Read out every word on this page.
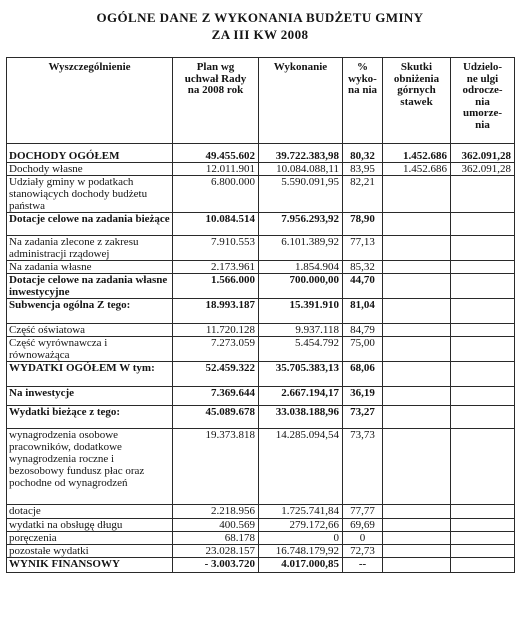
OGÓLNE DANE Z WYKONANIA BUDŻETU GMINY
ZA III KW 2008
Wyszczególnienie	Plan wg uchwał Rady na 2008 rok	Wykonanie	% wyko- na nia	Skutki obniżenia górnych stawek	Udzielo- ne ulgi odrocze- nia umorze- nia

DOCHODY OGÓŁEM	49.455.602	39.722.383,98	80,32	1.452.686	362.091,28
Dochody własne	12.011.901	10.084.088,11	83,95	1.452.686	362.091,28
Udziały gminy w podatkach stanowiących dochody budżetu państwa	6.800.000	5.590.091,95	82,21		
Dotacje celowe na zadania bieżące	10.084.514	7.956.293,92	78,90		
Na zadania zlecone z zakresu administracji rządowej	7.910.553	6.101.389,92	77,13		
Na zadania własne	2.173.961	1.854.904	85,32		
Dotacje celowe na zadania własne inwestycyjne	1.566.000	700.000,00	44,70		
Subwencja ogólna Z tego:	18.993.187	15.391.910	81,04		
Część oświatowa	11.720.128	9.937.118	84,79		
Część wyrównawcza i równoważąca	7.273.059	5.454.792	75,00		
WYDATKI OGÓŁEM W tym:	52.459.322	35.705.383,13	68,06		
Na inwestycje	7.369.644	2.667.194,17	36,19		
Wydatki bieżące z tego:	45.089.678	33.038.188,96	73,27		
wynagrodzenia osobowe pracowników, dodatkowe wynagrodzenia roczne i bezosobowy fundusz płac oraz pochodne od wynagrodzeń	19.373.818	14.285.094,54	73,73		
dotacje	2.218.956	1.725.741,84	77,77		
wydatki na obsługę długu	400.569	279.172,66	69,69		
poręczenia	68.178	0	0		
pozostałe wydatki	23.028.157	16.748.179,92	72,73		
WYNIK FINANSOWY	- 3.003.720	4.017.000,85	--		
